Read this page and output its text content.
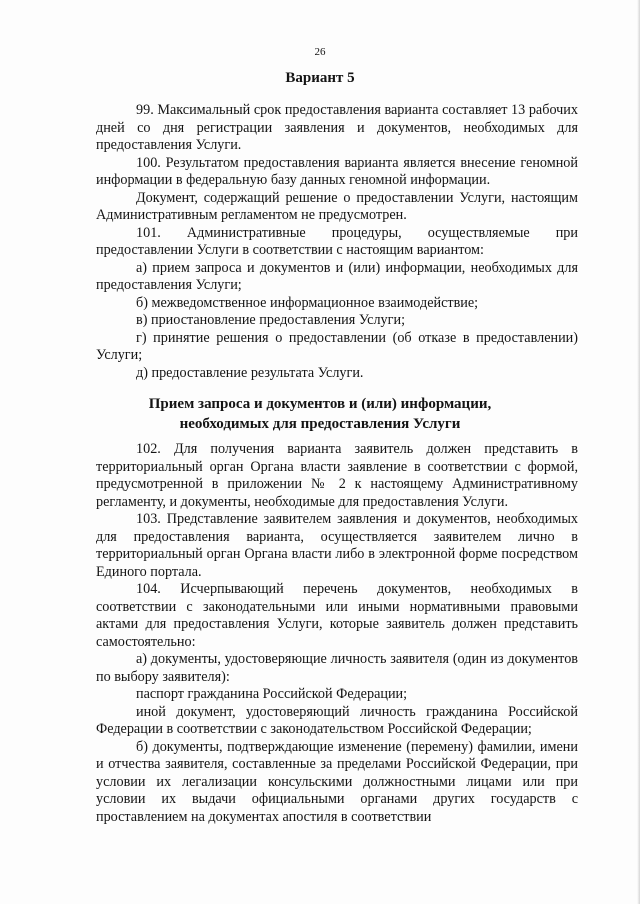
26
Вариант 5

99. Максимальный срок предоставления варианта составляет 13 рабочих дней со дня регистрации заявления и документов, необходимых для предоставления Услуги.

100. Результатом предоставления варианта является внесение геномной информации в федеральную базу данных геномной информации.

Документ, содержащий решение о предоставлении Услуги, настоящим Административным регламентом не предусмотрен.

101. Административные процедуры, осуществляемые при предоставлении Услуги в соответствии с настоящим вариантом:

а) прием запроса и документов и (или) информации, необходимых для предоставления Услуги;

б) межведомственное информационное взаимодействие;

в) приостановление предоставления Услуги;

г) принятие решения о предоставлении (об отказе в предоставлении) Услуги;

д) предоставление результата Услуги.

Прием запроса и документов и (или) информации,
необходимых для предоставления Услуги

102. Для получения варианта заявитель должен представить в территориальный орган Органа власти заявление в соответствии с формой, предусмотренной в приложении № 2 к настоящему Административному регламенту, и документы, необходимые для предоставления Услуги.

103. Представление заявителем заявления и документов, необходимых для предоставления варианта, осуществляется заявителем лично в территориальный орган Органа власти либо в электронной форме посредством Единого портала.

104. Исчерпывающий перечень документов, необходимых в соответствии с законодательными или иными нормативными правовыми актами для предоставления Услуги, которые заявитель должен представить самостоятельно:

а) документы, удостоверяющие личность заявителя (один из документов по выбору заявителя):

паспорт гражданина Российской Федерации;

иной документ, удостоверяющий личность гражданина Российской Федерации в соответствии с законодательством Российской Федерации;

б) документы, подтверждающие изменение (перемену) фамилии, имени и отчества заявителя, составленные за пределами Российской Федерации, при условии их легализации консульскими должностными лицами или при условии их выдачи официальными органами других государств с проставлением на документах апостиля в соответствии
